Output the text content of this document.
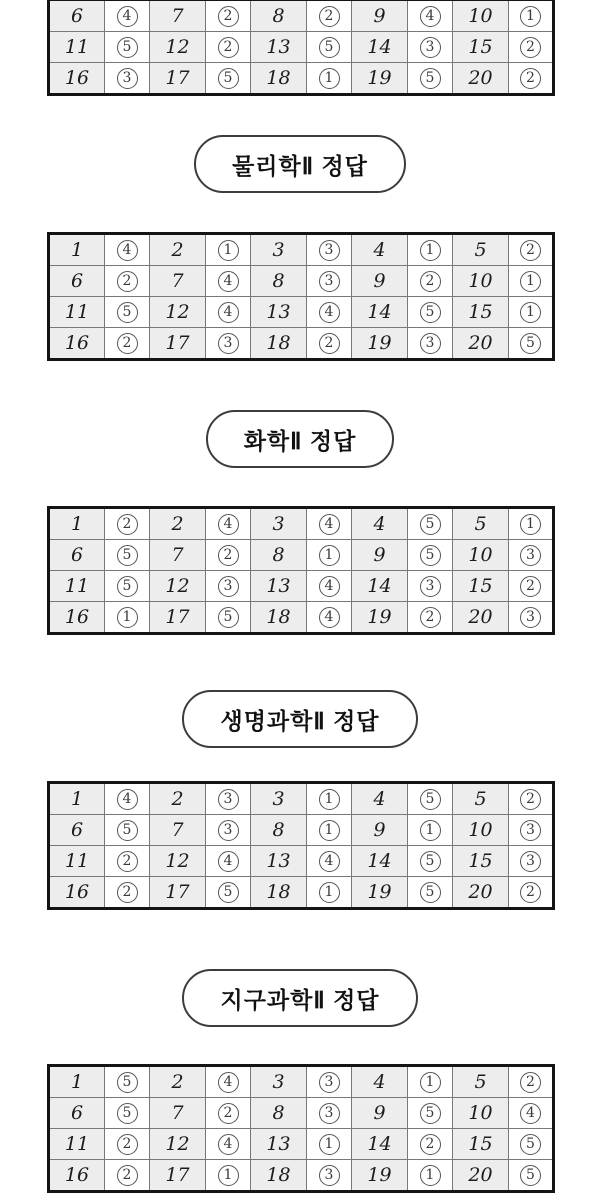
6	4	7	2	8	2	9	4	10	1
11	5	12	2	13	5	14	3	15	2
16	3	17	5	18	1	19	5	20	2
물리학Ⅱ 정답
1	4	2	1	3	3	4	1	5	2
6	2	7	4	8	3	9	2	10	1
11	5	12	4	13	4	14	5	15	1
16	2	17	3	18	2	19	3	20	5
화학Ⅱ 정답
1	2	2	4	3	4	4	5	5	1
6	5	7	2	8	1	9	5	10	3
11	5	12	3	13	4	14	3	15	2
16	1	17	5	18	4	19	2	20	3
생명과학Ⅱ 정답
1	4	2	3	3	1	4	5	5	2
6	5	7	3	8	1	9	1	10	3
11	2	12	4	13	4	14	5	15	3
16	2	17	5	18	1	19	5	20	2
지구과학Ⅱ 정답
1	5	2	4	3	3	4	1	5	2
6	5	7	2	8	3	9	5	10	4
11	2	12	4	13	1	14	2	15	5
16	2	17	1	18	3	19	1	20	5
